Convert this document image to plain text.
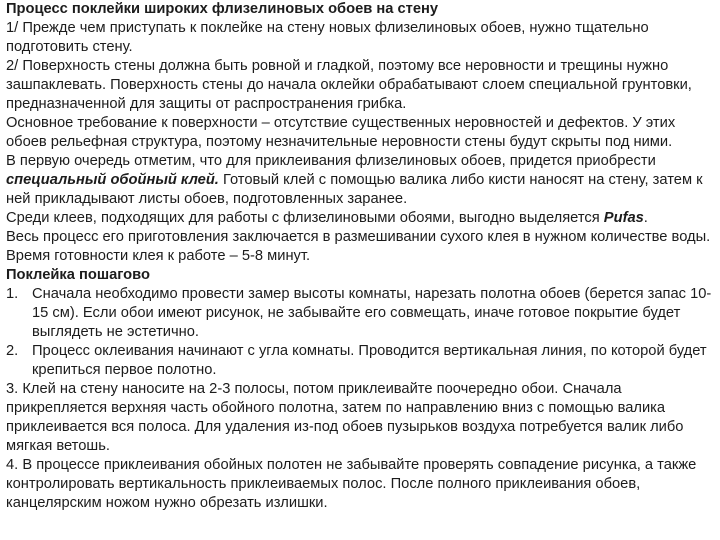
Процесс поклейки широких флизелиновых обоев на стену

1/ Прежде чем приступать к поклейке на стену новых флизелиновых обоев, нужно тщательно подготовить стену.

2/ Поверхность стены должна быть ровной и гладкой, поэтому все неровности и трещины нужно зашпаклевать. Поверхность стены до начала оклейки обрабатывают слоем специальной грунтовки, предназначенной для защиты от распространения грибка.

Основное требование к поверхности – отсутствие существенных неровностей и дефектов. У этих обоев рельефная структура, поэтому незначительные неровности стены будут скрыты под ними.

В первую очередь отметим, что для приклеивания флизелиновых обоев, придется приобрести специальный обойный клей. Готовый клей с помощью валика либо кисти наносят на стену, затем к ней прикладывают листы обоев, подготовленных заранее.

Среди клеев, подходящих для работы с флизелиновыми обоями, выгодно выделяется Pufas.

Весь процесс его приготовления заключается в размешивании сухого клея в нужном количестве воды. Время готовности клея к работе – 5-8 минут.

Поклейка пошагово

1. Сначала необходимо провести замер высоты комнаты, нарезать полотна обоев (берется запас 10-15 см). Если обои имеют рисунок, не забывайте его совмещать, иначе готовое покрытие будет выглядеть не эстетично.
2. Процесс оклеивания начинают с угла комнаты. Проводится вертикальная линия, по которой будет крепиться первое полотно.

3. Клей на стену наносите на 2-3 полосы, потом приклеивайте поочередно обои. Сначала прикрепляется верхняя часть обойного полотна, затем по направлению вниз с помощью валика приклеивается вся полоса. Для удаления из-под обоев пузырьков воздуха потребуется валик либо мягкая ветошь.

4. В процессе приклеивания обойных полотен не забывайте проверять совпадение рисунка, а также контролировать вертикальность приклеиваемых полос. После полного приклеивания обоев, канцелярским ножом нужно обрезать излишки.
